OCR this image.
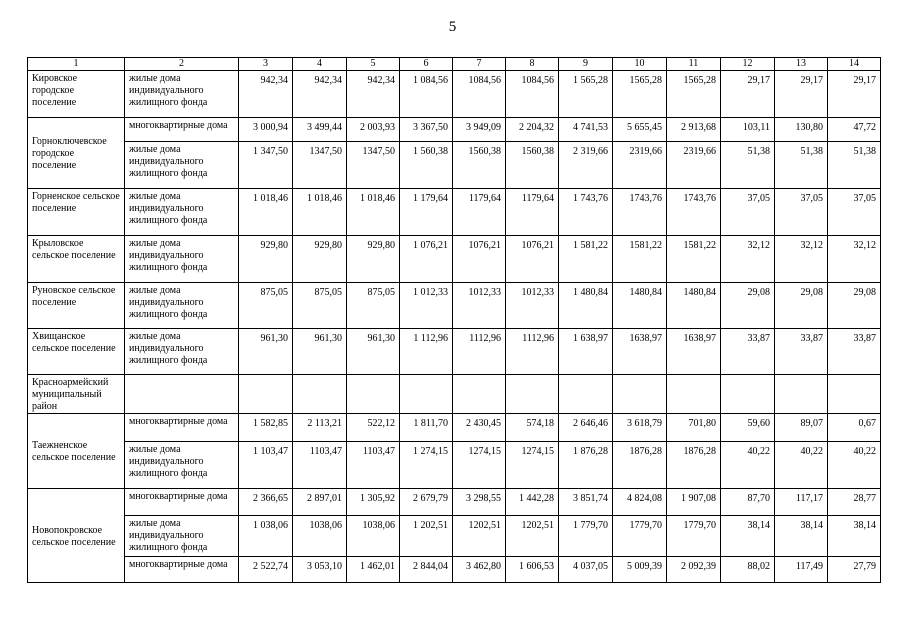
5
1	2	3	4	5	6	7	8	9	10	11	12	13	14
Кировское городское поселение	жилые дома индивидуального жилищного фонда	942,34	942,34	942,34	1 084,56	1084,56	1084,56	1 565,28	1565,28	1565,28	29,17	29,17	29,17
Горноключевское городское поселение	многоквартирные дома	3 000,94	3 499,44	2 003,93	3 367,50	3 949,09	2 204,32	4 741,53	5 655,45	2 913,68	103,11	130,80	47,72
	жилые дома индивидуального жилищного фонда	1 347,50	1347,50	1347,50	1 560,38	1560,38	1560,38	2 319,66	2319,66	2319,66	51,38	51,38	51,38
Горненское сельское поселение	жилые дома индивидуального жилищного фонда	1 018,46	1 018,46	1 018,46	1 179,64	1179,64	1179,64	1 743,76	1743,76	1743,76	37,05	37,05	37,05
Крыловское сельское поселение	жилые дома индивидуального жилищного фонда	929,80	929,80	929,80	1 076,21	1076,21	1076,21	1 581,22	1581,22	1581,22	32,12	32,12	32,12
Руновское сельское поселение	жилые дома индивидуального жилищного фонда	875,05	875,05	875,05	1 012,33	1012,33	1012,33	1 480,84	1480,84	1480,84	29,08	29,08	29,08
Хвищанское сельское поселение	жилые дома индивидуального жилищного фонда	961,30	961,30	961,30	1 112,96	1112,96	1112,96	1 638,97	1638,97	1638,97	33,87	33,87	33,87
Красноармейский муниципальный район													
Таежненское сельское поселение	многоквартирные дома	1 582,85	2 113,21	522,12	1 811,70	2 430,45	574,18	2 646,46	3 618,79	701,80	59,60	89,07	0,67
	жилые дома индивидуального жилищного фонда	1 103,47	1103,47	1103,47	1 274,15	1274,15	1274,15	1 876,28	1876,28	1876,28	40,22	40,22	40,22
Новопокровское сельское поселение	многоквартирные дома	2 366,65	2 897,01	1 305,92	2 679,79	3 298,55	1 442,28	3 851,74	4 824,08	1 907,08	87,70	117,17	28,77
	жилые дома индивидуального жилищного фонда	1 038,06	1038,06	1038,06	1 202,51	1202,51	1202,51	1 779,70	1779,70	1779,70	38,14	38,14	38,14
	многоквартирные дома	2 522,74	3 053,10	1 462,01	2 844,04	3 462,80	1 606,53	4 037,05	5 009,39	2 092,39	88,02	117,49	27,79
